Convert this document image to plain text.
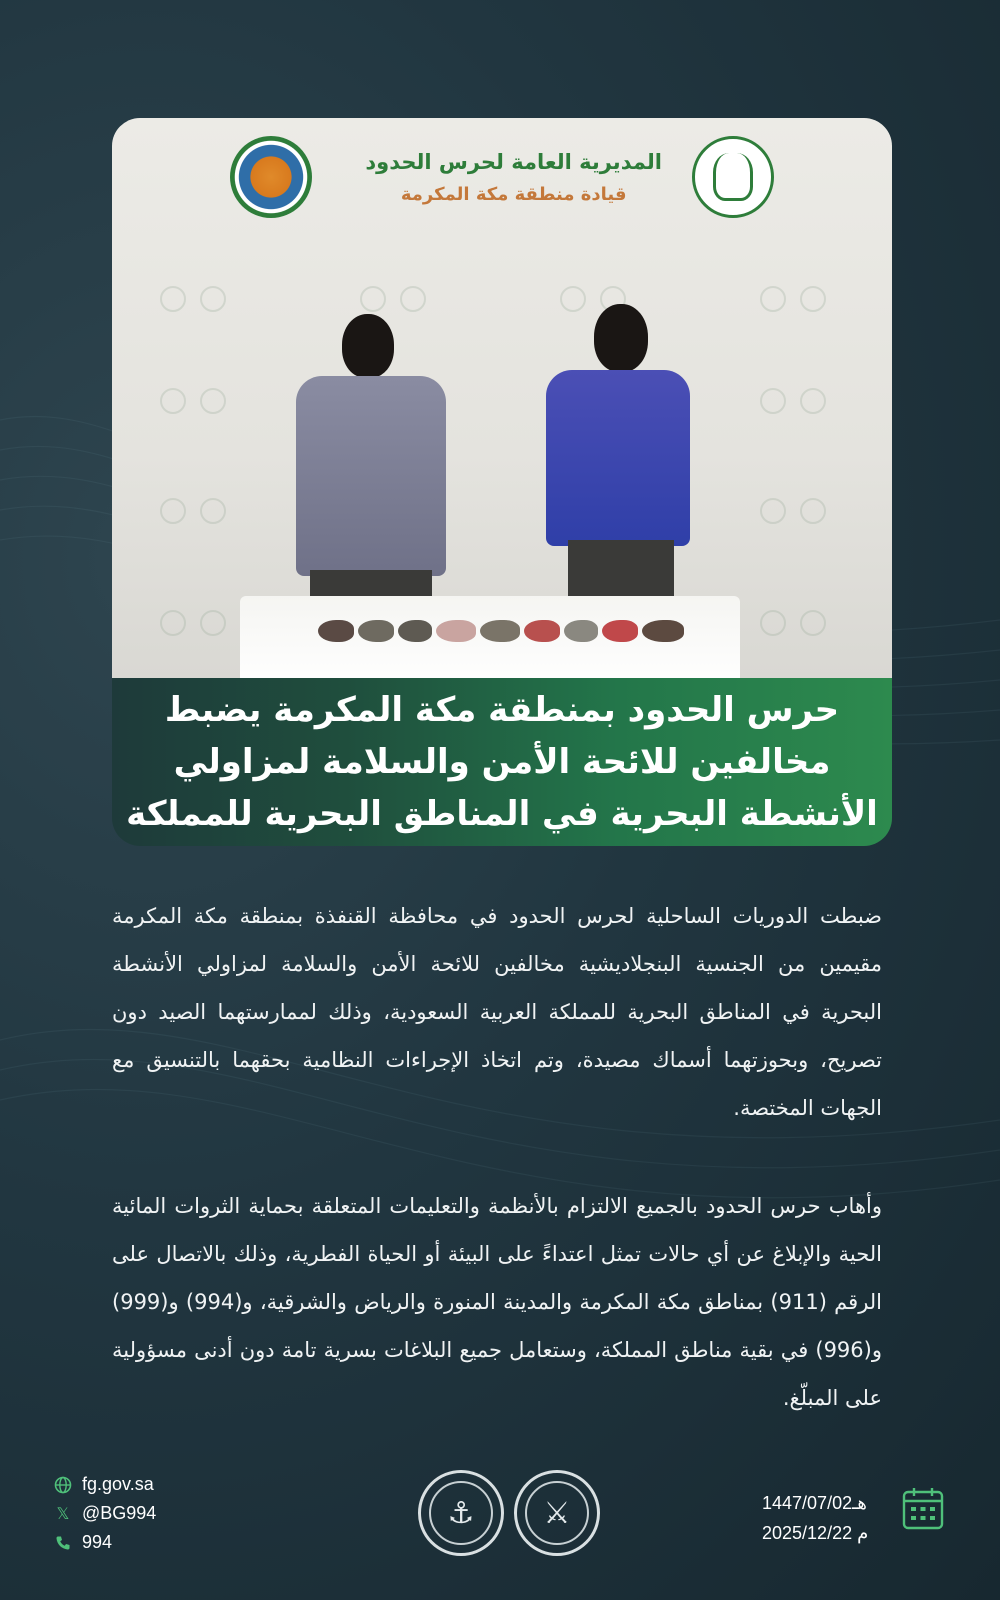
المديرية العامة لحرس الحدود
قيادة منطقة مكة المكرمة
حرس الحدود بمنطقة مكة المكرمة يضبط مخالفين للائحة الأمن والسلامة لمزاولي الأنشطة البحرية في المناطق البحرية للمملكة
ضبطت الدوريات الساحلية لحرس الحدود في محافظة القنفذة بمنطقة مكة المكرمة مقيمين من الجنسية البنجلاديشية مخالفين للائحة الأمن والسلامة لمزاولي الأنشطة البحرية في المناطق البحرية للمملكة العربية السعودية، وذلك لممارستهما الصيد دون تصريح، وبحوزتهما أسماك مصيدة، وتم اتخاذ الإجراءات النظامية بحقهما بالتنسيق مع الجهات المختصة.
وأهاب حرس الحدود بالجميع الالتزام بالأنظمة والتعليمات المتعلقة بحماية الثروات المائية الحية والإبلاغ عن أي حالات تمثل اعتداءً على البيئة أو الحياة الفطرية، وذلك بالاتصال على الرقم (911) بمناطق مكة المكرمة والمدينة المنورة والرياض والشرقية، و(994) و(999) و(996) في بقية مناطق المملكة، وستعامل جميع البلاغات بسرية تامة دون أدنى مسؤولية على المبلّغ.
fg.gov.sa
𝕏 @BG994
994
⚓	⚔	1447/07/02هـ
2025/12/22 م
